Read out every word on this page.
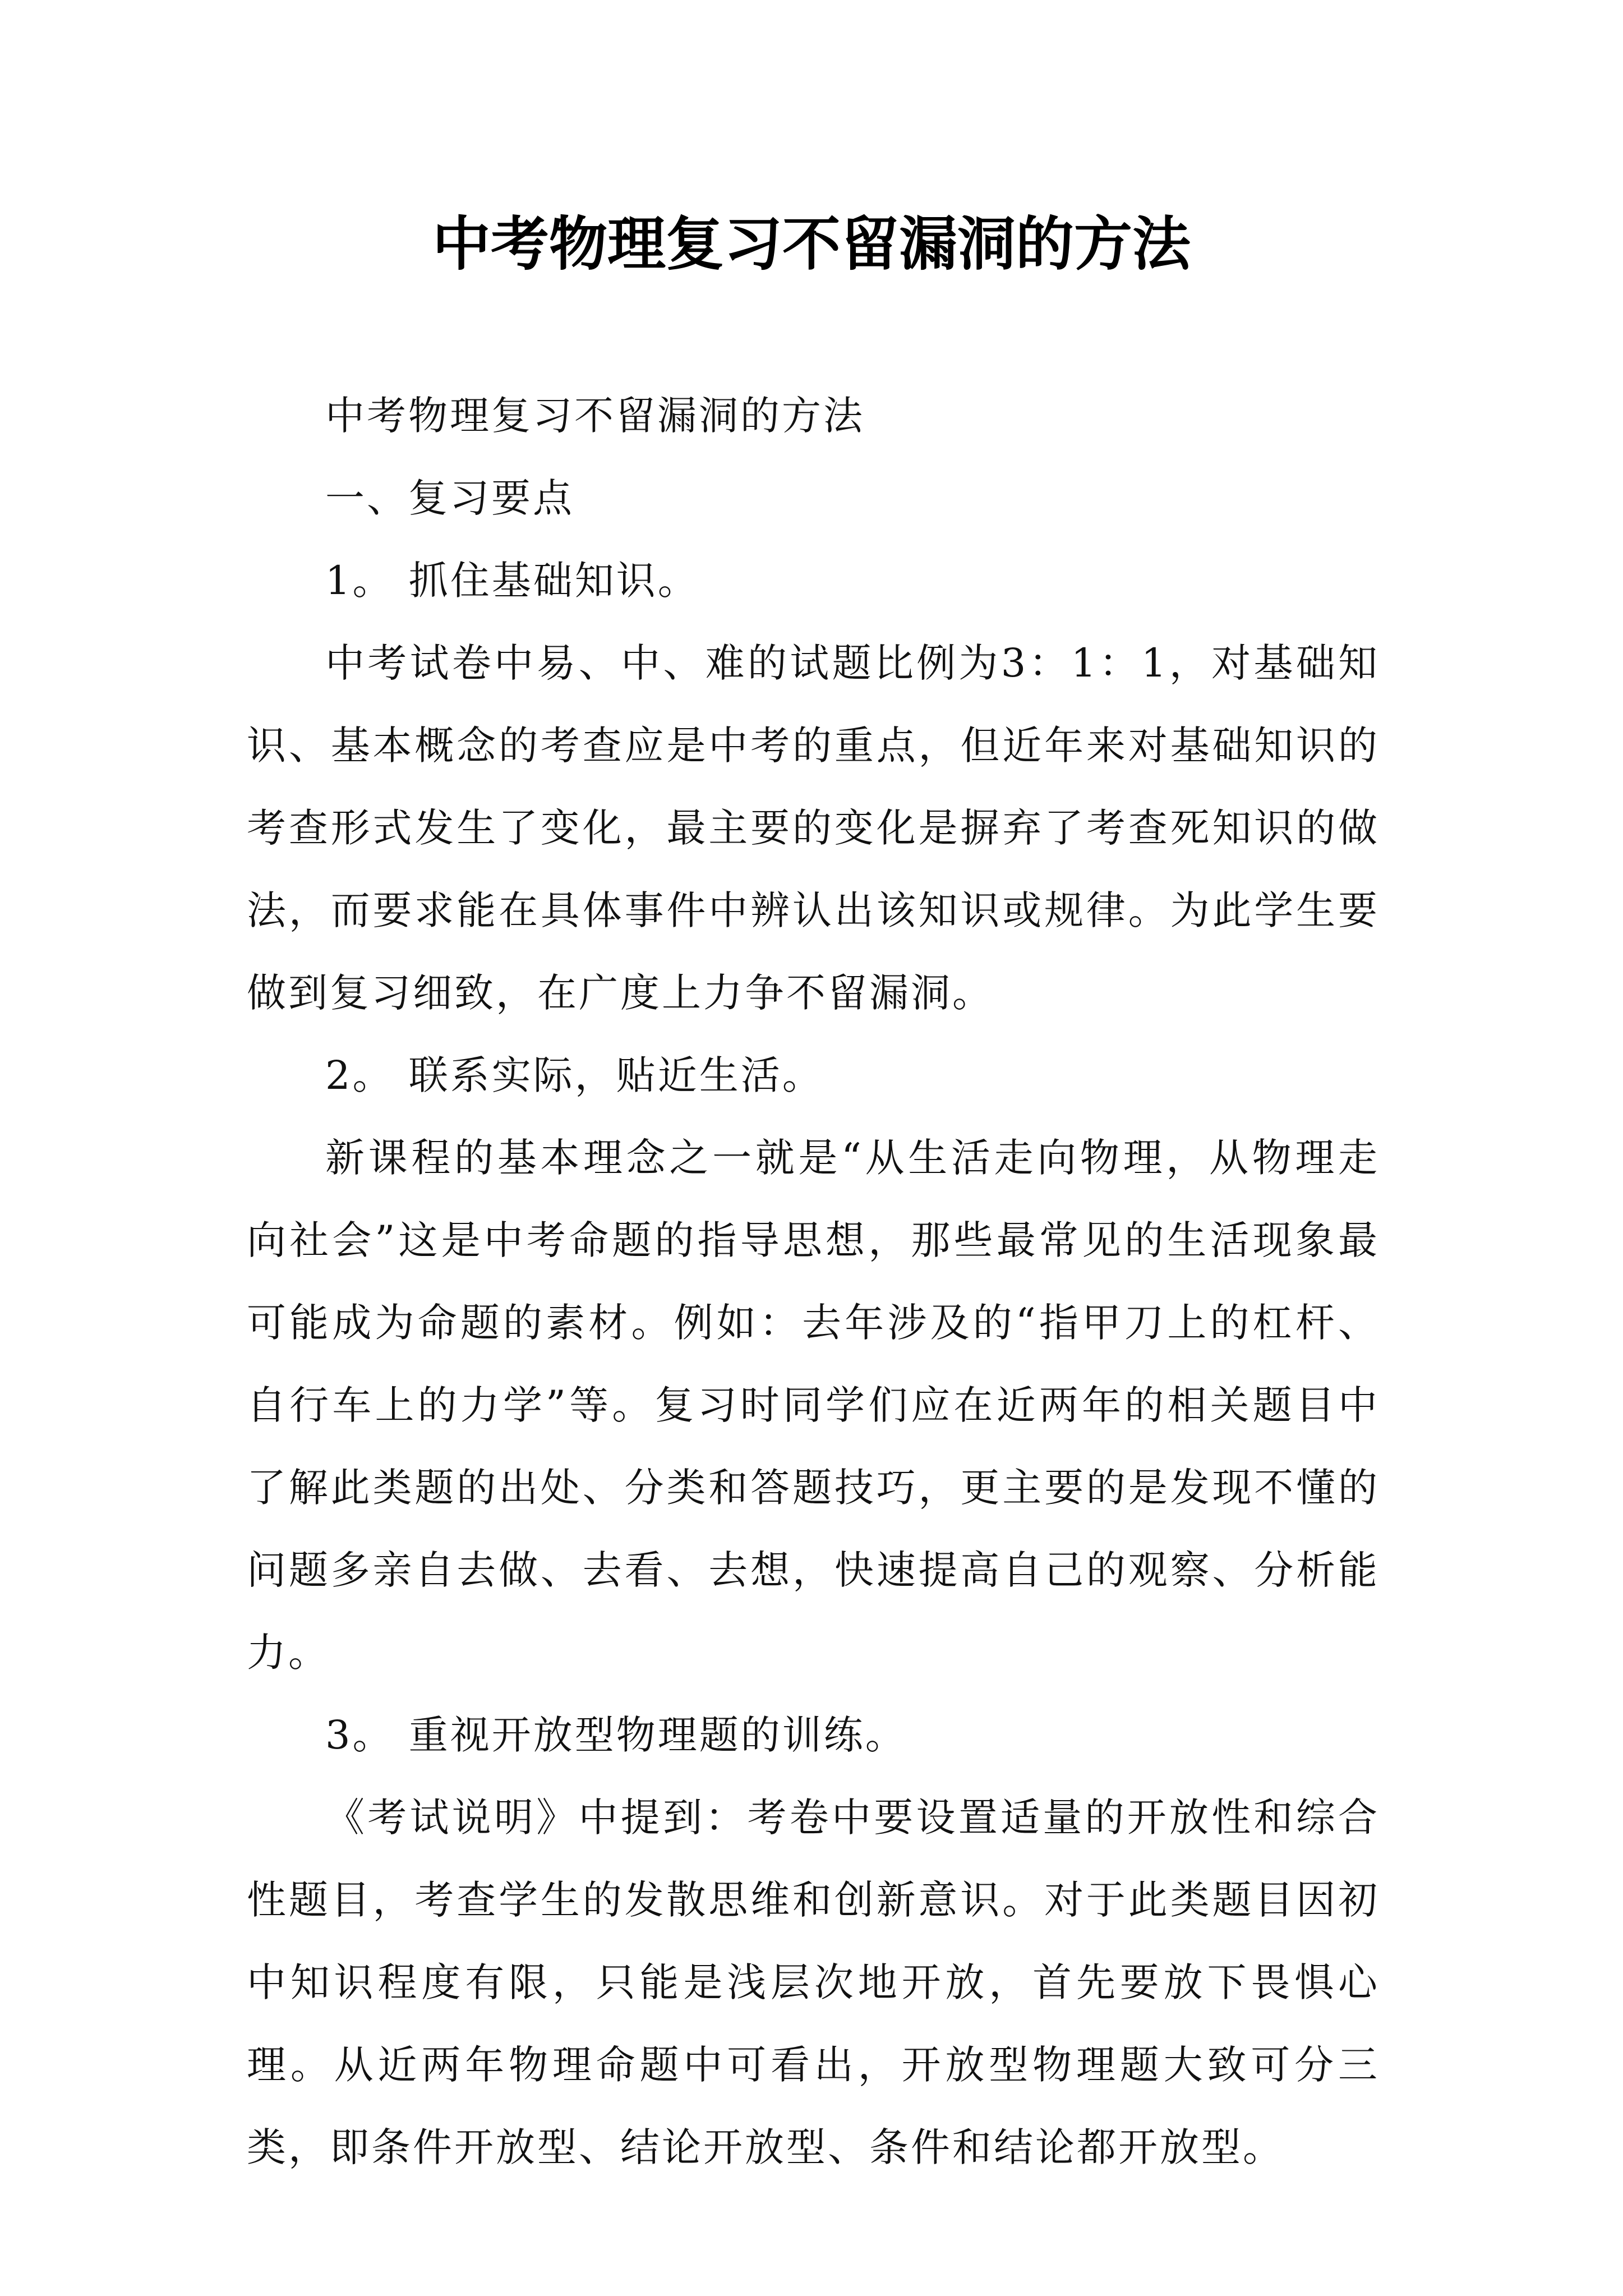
中考物理复习不留漏洞的方法

中考物理复习不留漏洞的方法

一、复习要点

1。 抓住基础知识。

中考试卷中易、中、难的试题比例为3：1：1，对基础知识、基本概念的考查应是中考的重点，但近年来对基础知识的考查形式发生了变化，最主要的变化是摒弃了考查死知识的做法，而要求能在具体事件中辨认出该知识或规律。为此学生要做到复习细致，在广度上力争不留漏洞。

2。 联系实际，贴近生活。

新课程的基本理念之一就是“从生活走向物理，从物理走向社会”这是中考命题的指导思想，那些最常见的生活现象最可能成为命题的素材。例如：去年涉及的“指甲刀上的杠杆、自行车上的力学”等。复习时同学们应在近两年的相关题目中了解此类题的出处、分类和答题技巧，更主要的是发现不懂的问题多亲自去做、去看、去想，快速提高自己的观察、分析能力。

3。 重视开放型物理题的训练。

《考试说明》中提到：考卷中要设置适量的开放性和综合性题目，考查学生的发散思维和创新意识。对于此类题目因初中知识程度有限，只能是浅层次地开放，首先要放下畏惧心理。从近两年物理命题中可看出，开放型物理题大致可分三类，即条件开放型、结论开放型、条件和结论都开放型。
